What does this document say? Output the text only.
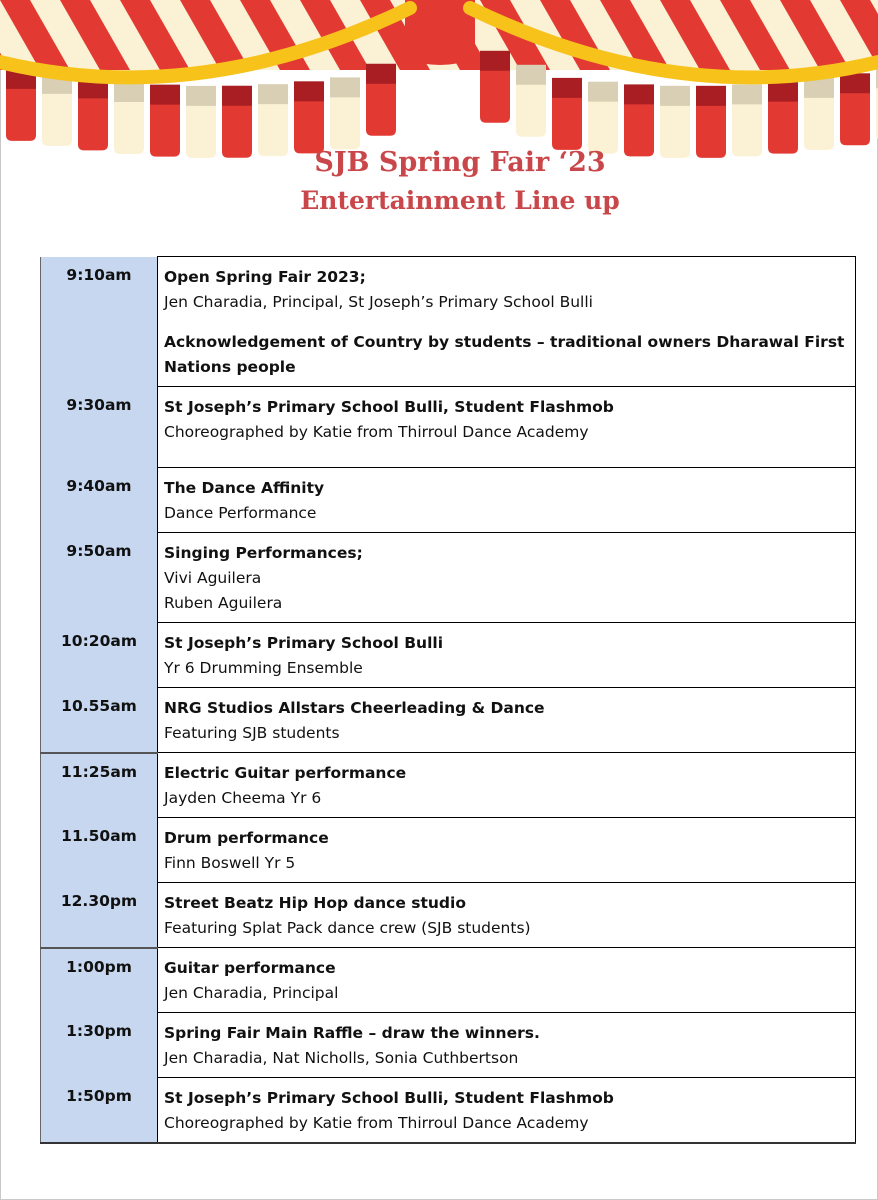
SJB Spring Fair ‘23
Entertainment Line up
9:10am	Open Spring Fair 2023;
Jen Charadia, Principal, St Joseph’s Primary School Bulli
Acknowledgement of Country by students – traditional owners Dharawal First Nations people

9:30am	St Joseph’s Primary School Bulli, Student Flashmob
Choreographed by Katie from Thirroul Dance Academy

9:40am	The Dance Affinity
Dance Performance

9:50am	Singing Performances;
Vivi Aguilera
Ruben Aguilera

10:20am	St Joseph’s Primary School Bulli
Yr 6 Drumming Ensemble

10.55am	NRG Studios Allstars Cheerleading & Dance
Featuring SJB students

11:25am	Electric Guitar performance
Jayden Cheema Yr 6

11.50am	Drum performance
Finn Boswell Yr 5

12.30pm	Street Beatz Hip Hop dance studio
Featuring Splat Pack dance crew (SJB students)

1:00pm	Guitar performance
Jen Charadia, Principal

1:30pm	Spring Fair Main Raffle – draw the winners.
Jen Charadia, Nat Nicholls, Sonia Cuthbertson

1:50pm	St Joseph’s Primary School Bulli, Student Flashmob
Choreographed by Katie from Thirroul Dance Academy
